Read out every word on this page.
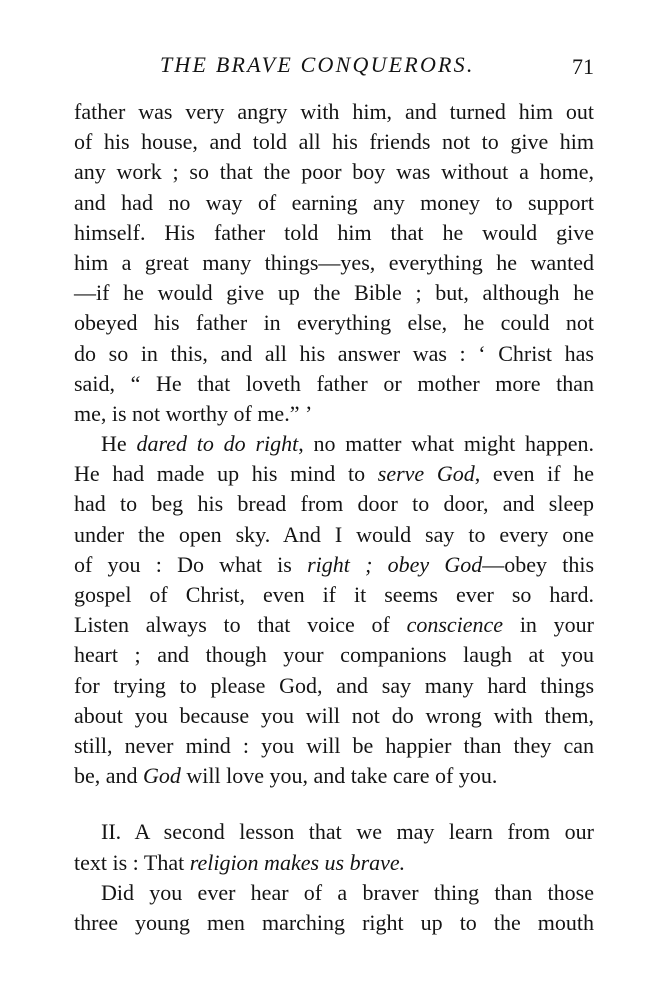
THE BRAVE CONQUERORS.	71
father was very angry with him, and turned him out
of his house, and told all his friends not to give him
any work ; so that the poor boy was without a home,
and had no way of earning any money to support
himself. His father told him that he would give
him a great many things—yes, everything he wanted
—if he would give up the Bible ; but, although he
obeyed his father in everything else, he could not
do so in this, and all his answer was : ‘ Christ has
said, “ He that loveth father or mother more than
me, is not worthy of me.” ’
He dared to do right, no matter what might happen.
He had made up his mind to serve God, even if he
had to beg his bread from door to door, and sleep
under the open sky. And I would say to every one
of you : Do what is right ; obey God—obey this
gospel of Christ, even if it seems ever so hard.
Listen always to that voice of conscience in your
heart ; and though your companions laugh at you
for trying to please God, and say many hard things
about you because you will not do wrong with them,
still, never mind : you will be happier than they can
be, and God will love you, and take care of you.
II. A second lesson that we may learn from our
text is : That religion makes us brave.
Did you ever hear of a braver thing than those
three young men marching right up to the mouth
